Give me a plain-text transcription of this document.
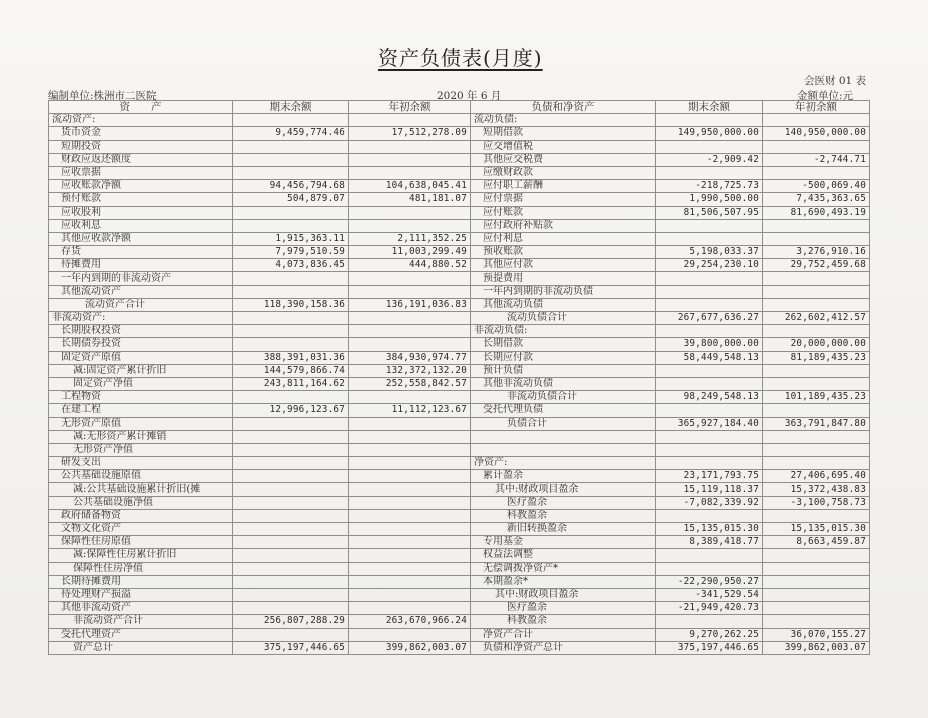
资产负债表(月度)
会医财 01 表
编制单位:株洲市二医院	2020 年 6 月	金额单位:元
资　　产	期末余额	年初余额	负债和净资产	期末余额	年初余额
流动资产:			流动负债:		
货币资金	9,459,774.46	17,512,278.09	短期借款	149,950,000.00	140,950,000.00
短期投资			应交增值税		
财政应返还额度			其他应交税费	-2,909.42	-2,744.71
应收票据			应缴财政款		
应收账款净额	94,456,794.68	104,638,045.41	应付职工薪酬	-218,725.73	-500,069.40
预付账款	504,879.07	481,181.07	应付票据	1,990,500.00	7,435,363.65
应收股利			应付账款	81,506,507.95	81,690,493.19
应收利息			应付政府补贴款		
其他应收款净额	1,915,363.11	2,111,352.25	应付利息		
存货	7,979,510.59	11,003,299.49	预收账款	5,198,033.37	3,276,910.16
待摊费用	4,073,836.45	444,880.52	其他应付款	29,254,230.10	29,752,459.68
一年内到期的非流动资产			预提费用		
其他流动资产			一年内到期的非流动负债		
流动资产合计	118,390,158.36	136,191,036.83	其他流动负债		
非流动资产:			流动负债合计	267,677,636.27	262,602,412.57
长期股权投资			非流动负债:		
长期债券投资			长期借款	39,800,000.00	20,000,000.00
固定资产原值	388,391,031.36	384,930,974.77	长期应付款	58,449,548.13	81,189,435.23
减:固定资产累计折旧	144,579,866.74	132,372,132.20	预计负债		
固定资产净值	243,811,164.62	252,558,842.57	其他非流动负债		
工程物资			非流动负债合计	98,249,548.13	101,189,435.23
在建工程	12,996,123.67	11,112,123.67	受托代理负债		
无形资产原值			负债合计	365,927,184.40	363,791,847.80
减:无形资产累计摊销					
无形资产净值					
研发支出			净资产:		
公共基础设施原值			累计盈余	23,171,793.75	27,406,695.40
减:公共基础设施累计折旧(摊			其中:财政项目盈余	15,119,118.37	15,372,438.83
公共基础设施净值			医疗盈余	-7,082,339.92	-3,100,758.73
政府储备物资			科教盈余		
文物文化资产			新旧转换盈余	15,135,015.30	15,135,015.30
保障性住房原值			专用基金	8,389,418.77	8,663,459.87
减:保障性住房累计折旧			权益法调整		
保障性住房净值			无偿调拨净资产*		
长期待摊费用			本期盈余*	-22,290,950.27	
待处理财产损溢			其中:财政项目盈余	-341,529.54	
其他非流动资产			医疗盈余	-21,949,420.73	
非流动资产合计	256,807,288.29	263,670,966.24	科教盈余		
受托代理资产			净资产合计	9,270,262.25	36,070,155.27
资产总计	375,197,446.65	399,862,003.07	负债和净资产总计	375,197,446.65	399,862,003.07
